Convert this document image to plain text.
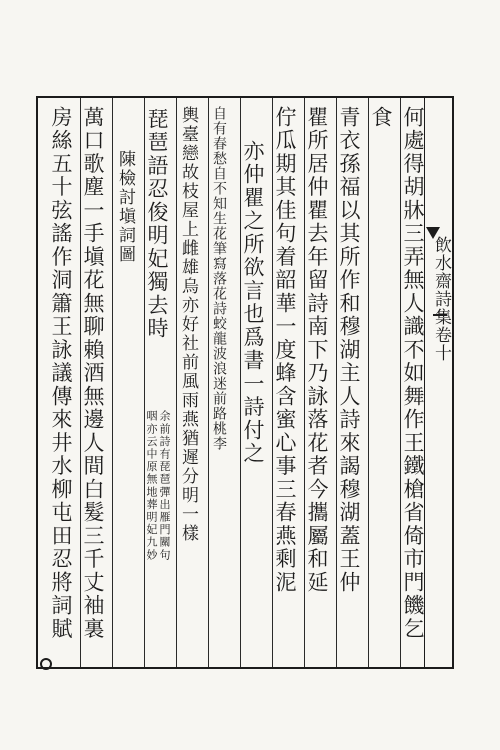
飲水齋詩集卷十
何處得胡牀三弄無人識不如舞作王鐵槍省倚市門饑乞
食
青衣孫福以其所作和穆湖主人詩來謁穆湖蓋王仲
瞿所居仲瞿去年留詩南下乃詠落花者今攜屬和延
佇瓜期其佳句着韶華一度蜂含蜜心事三春燕剩泥
亦仲瞿之所欲言也爲書一詩付之
自有春愁自不知生花筆寫落花詩蛟龍波浪迷前路桃李
輿臺戀故枝屋上雌雄烏亦好社前風雨燕猶遲分明一樣
琵琶語忍俊明妃獨去時
余前詩有琵琶彈出雁門關句
咽亦云中原無地葬明妃九妙
陳檢討塡詞圖
萬口歌塵一手塡花無聊賴酒無邊人間白髮三千丈袖裏
房絲五十弦謠作洞簫王詠議傳來井水柳屯田忍將詞賦
